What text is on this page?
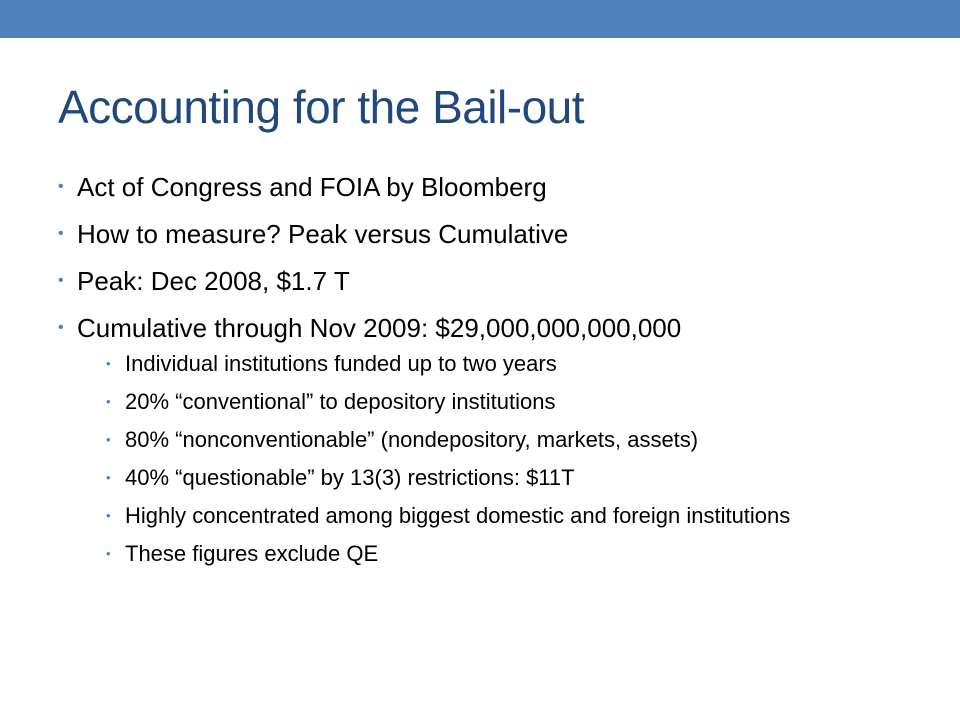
Accounting for the Bail-out
• Act of Congress and FOIA by Bloomberg
• How to measure? Peak versus Cumulative
• Peak: Dec 2008, $1.7 T
• Cumulative through Nov 2009: $29,000,000,000,000
• Individual institutions funded up to two years
• 20% “conventional” to depository institutions
• 80% “nonconventionable” (nondepository, markets, assets)
• 40% “questionable” by 13(3) restrictions: $11T
• Highly concentrated among biggest domestic and foreign institutions
• These figures exclude QE
